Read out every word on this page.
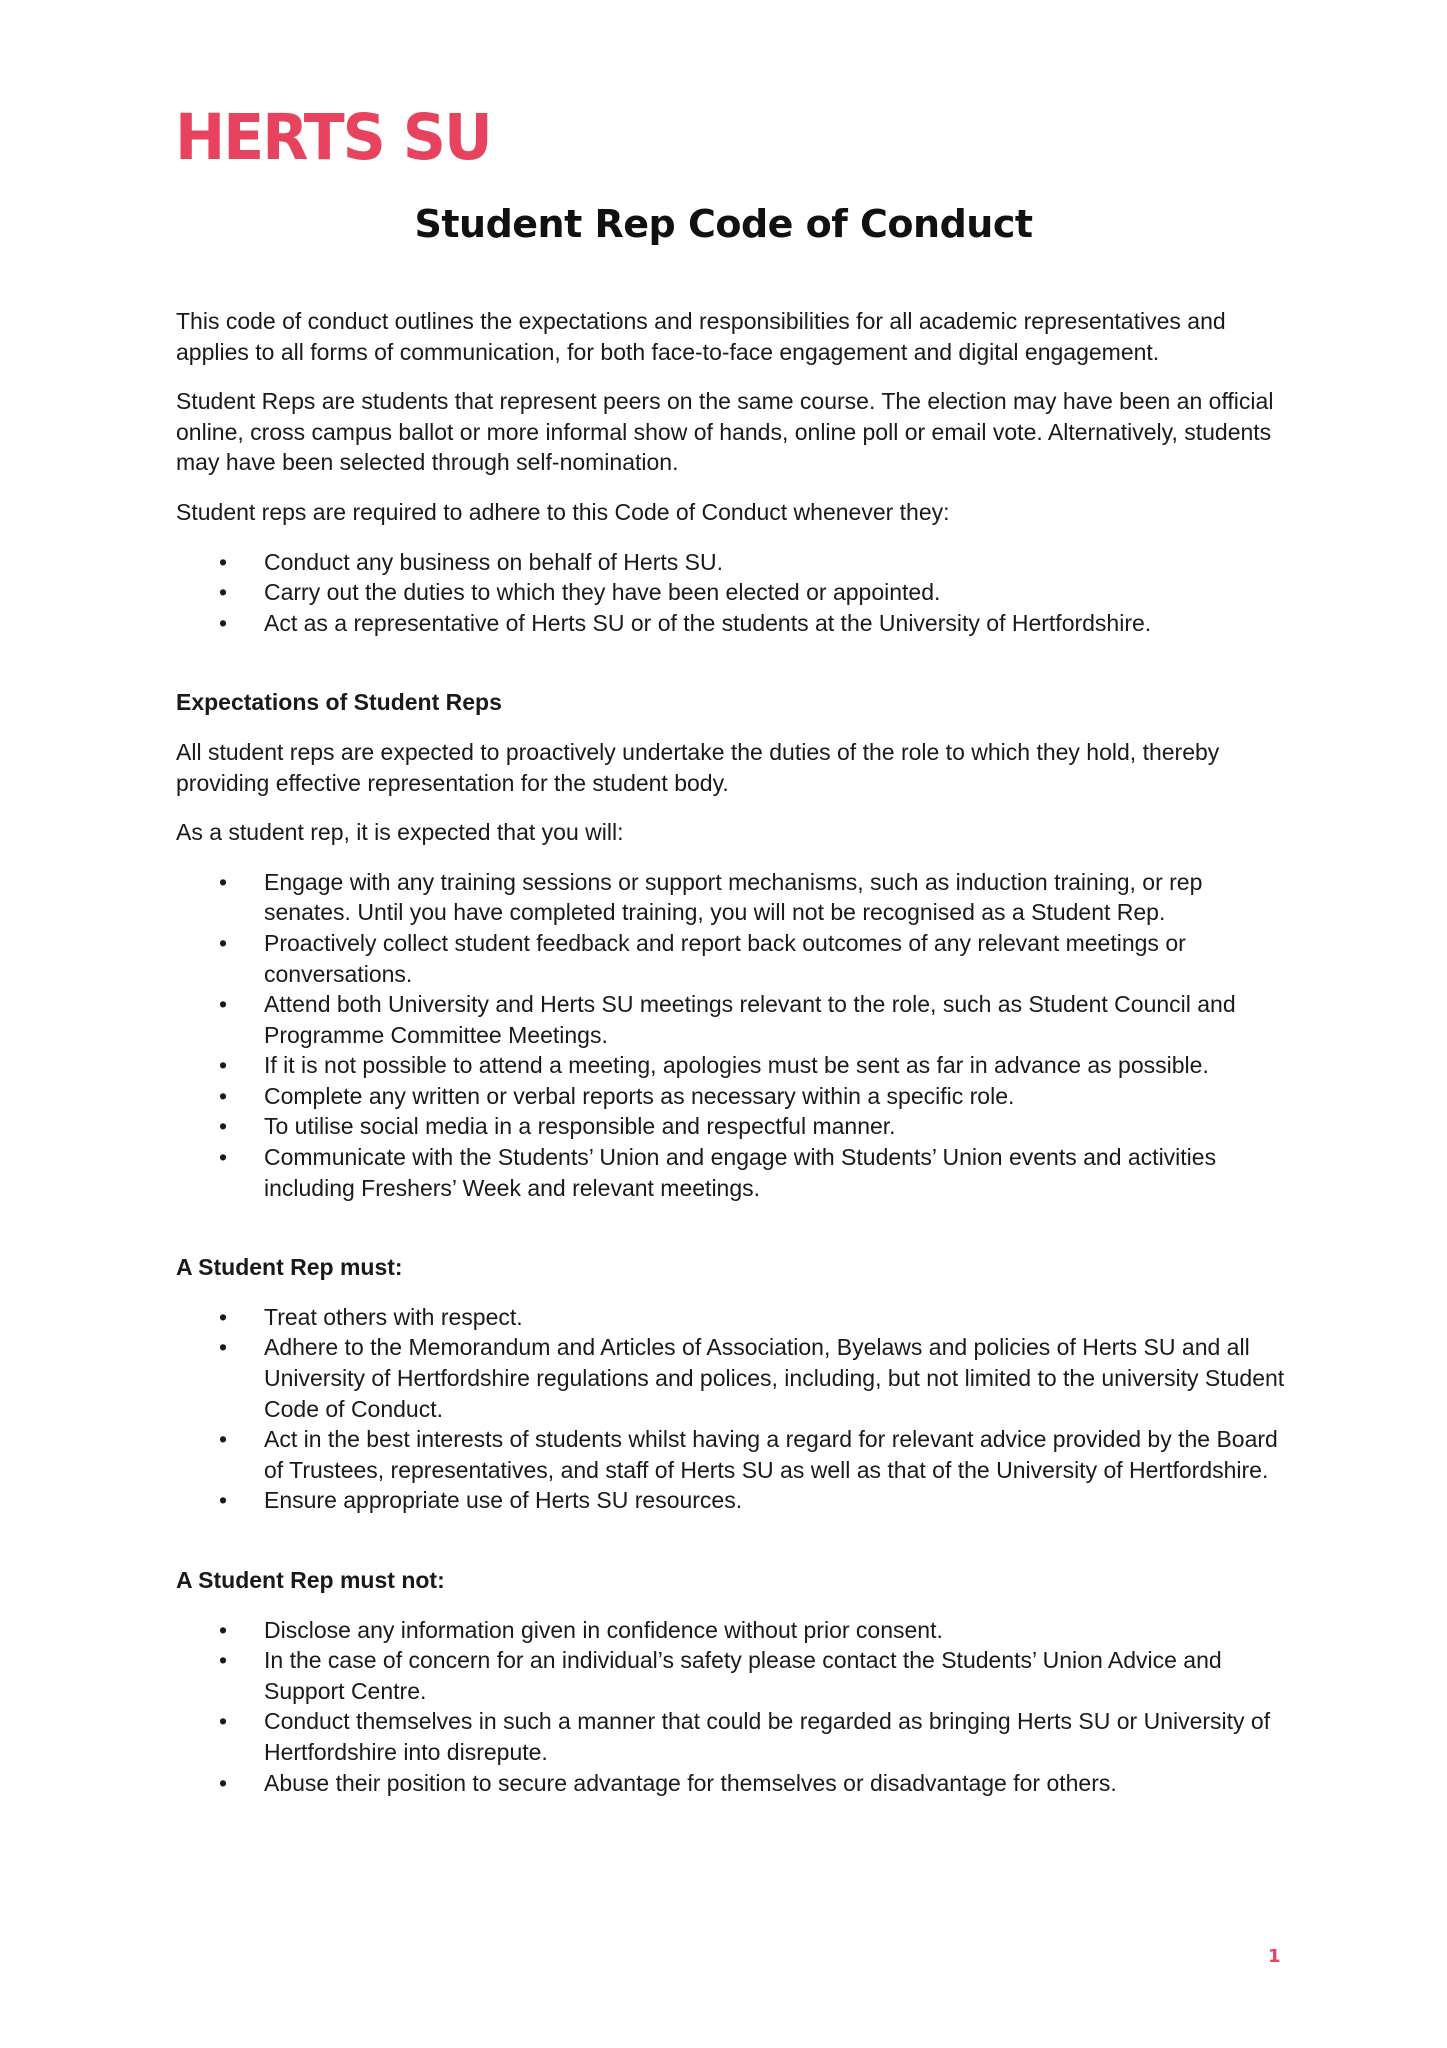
HERTS SU
Student Rep Code of Conduct

This code of conduct outlines the expectations and responsibilities for all academic representatives and applies to all forms of communication, for both face-to-face engagement and digital engagement.

Student Reps are students that represent peers on the same course. The election may have been an official online, cross campus ballot or more informal show of hands, online poll or email vote. Alternatively, students may have been selected through self-nomination.

Student reps are required to adhere to this Code of Conduct whenever they:

• Conduct any business on behalf of Herts SU.
• Carry out the duties to which they have been elected or appointed.
• Act as a representative of Herts SU or of the students at the University of Hertfordshire.
Expectations of Student Reps

All student reps are expected to proactively undertake the duties of the role to which they hold, thereby providing effective representation for the student body.

As a student rep, it is expected that you will:

• Engage with any training sessions or support mechanisms, such as induction training, or rep senates. Until you have completed training, you will not be recognised as a Student Rep.
• Proactively collect student feedback and report back outcomes of any relevant meetings or conversations.
• Attend both University and Herts SU meetings relevant to the role, such as Student Council and Programme Committee Meetings.
• If it is not possible to attend a meeting, apologies must be sent as far in advance as possible.
• Complete any written or verbal reports as necessary within a specific role.
• To utilise social media in a responsible and respectful manner.
• Communicate with the Students’ Union and engage with Students’ Union events and activities including Freshers’ Week and relevant meetings.
A Student Rep must:
• Treat others with respect.
• Adhere to the Memorandum and Articles of Association, Byelaws and policies of Herts SU and all University of Hertfordshire regulations and polices, including, but not limited to the university Student Code of Conduct.
• Act in the best interests of students whilst having a regard for relevant advice provided by the Board of Trustees, representatives, and staff of Herts SU as well as that of the University of Hertfordshire.
• Ensure appropriate use of Herts SU resources.
A Student Rep must not:
• Disclose any information given in confidence without prior consent.
• In the case of concern for an individual’s safety please contact the Students’ Union Advice and Support Centre.
• Conduct themselves in such a manner that could be regarded as bringing Herts SU or University of Hertfordshire into disrepute.
• Abuse their position to secure advantage for themselves or disadvantage for others.
1
